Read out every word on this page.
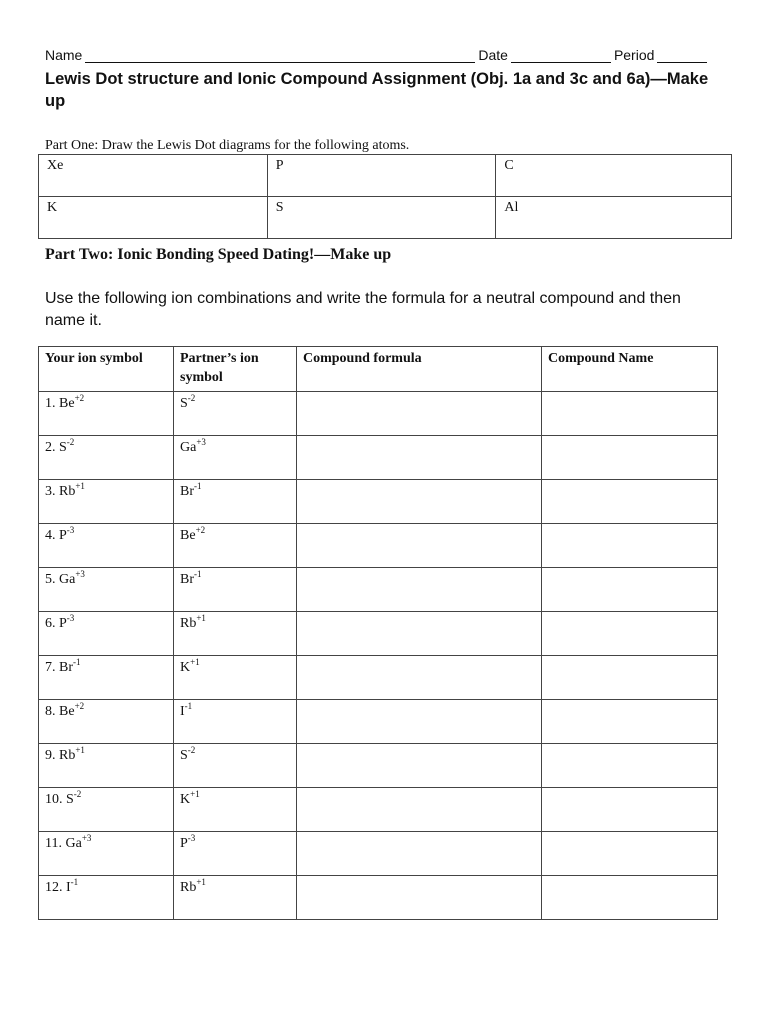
Name	Date	Period
Lewis Dot structure and Ionic Compound Assignment (Obj. 1a and 3c and 6a)—Make up
Part One: Draw the Lewis Dot diagrams for the following atoms.
Xe	P	C
K	S	Al
Part Two: Ionic Bonding Speed Dating!—Make up
Use the following ion combinations and write the formula for a neutral compound and then name it.
Your ion symbol	Partner’s ion symbol	Compound formula	Compound Name
1. $Be^{+2}$	$S^{-2}$		
2. $S^{-2}$	$Ga^{+3}$		
3. $Rb^{+1}$	$Br^{-1}$		
4. $P^{-3}$	$Be^{+2}$		
5. $Ga^{+3}$	$Br^{-1}$		
6. $P^{-3}$	$Rb^{+1}$		
7. $Br^{-1}$	$K^{+1}$		
8. $Be^{+2}$	$I^{-1}$		
9. $Rb^{+1}$	$S^{-2}$		
10. $S^{-2}$	$K^{+1}$		
11. $Ga^{+3}$	$P^{-3}$		
12. $I^{-1}$	$Rb^{+1}$		
